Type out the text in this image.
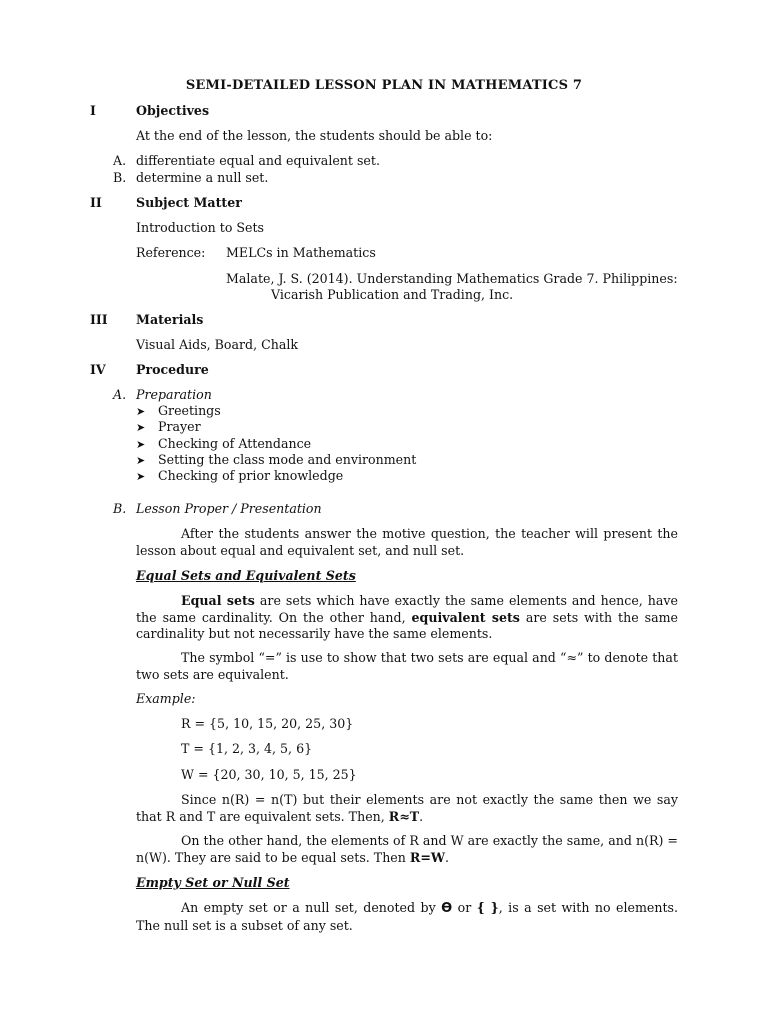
SEMI-DETAILED LESSON PLAN IN MATHEMATICS 7
I	Objectives
At the end of the lesson, the students should be able to:
A. differentiate equal and equivalent set.
B. determine a null set.
II	Subject Matter
Introduction to Sets
Reference: MELCs in Mathematics
Malate, J. S. (2014). Understanding Mathematics Grade 7. Philippines:
Vicarish Publication and Trading, Inc.
III Materials
Visual Aids, Board, Chalk
IV Procedure
A. Preparation
➤ Greetings
➤ Prayer
➤ Checking of Attendance
➤ Setting the class mode and environment
➤ Checking of prior knowledge
B. Lesson Proper / Presentation
After the students answer the motive question, the teacher will present the lesson about equal and equivalent set, and null set.
Equal Sets and Equivalent Sets
Equal sets are sets which have exactly the same elements and hence, have the same cardinality. On the other hand, equivalent sets are sets with the same cardinality but not necessarily have the same elements.
The symbol “=” is use to show that two sets are equal and “≈” to denote that two sets are equivalent.
Example:
R = {5, 10, 15, 20, 25, 30}
T = {1, 2, 3, 4, 5, 6}
W = {20, 30, 10, 5, 15, 25}
Since n(R) = n(T) but their elements are not exactly the same then we say that R and T are equivalent sets. Then, R≈T.
On the other hand, the elements of R and W are exactly the same, and n(R) = n(W). They are said to be equal sets. Then R=W.
Empty Set or Null Set
An empty set or a null set, denoted by ϴ or { }, is a set with no elements. The null set is a subset of any set.
